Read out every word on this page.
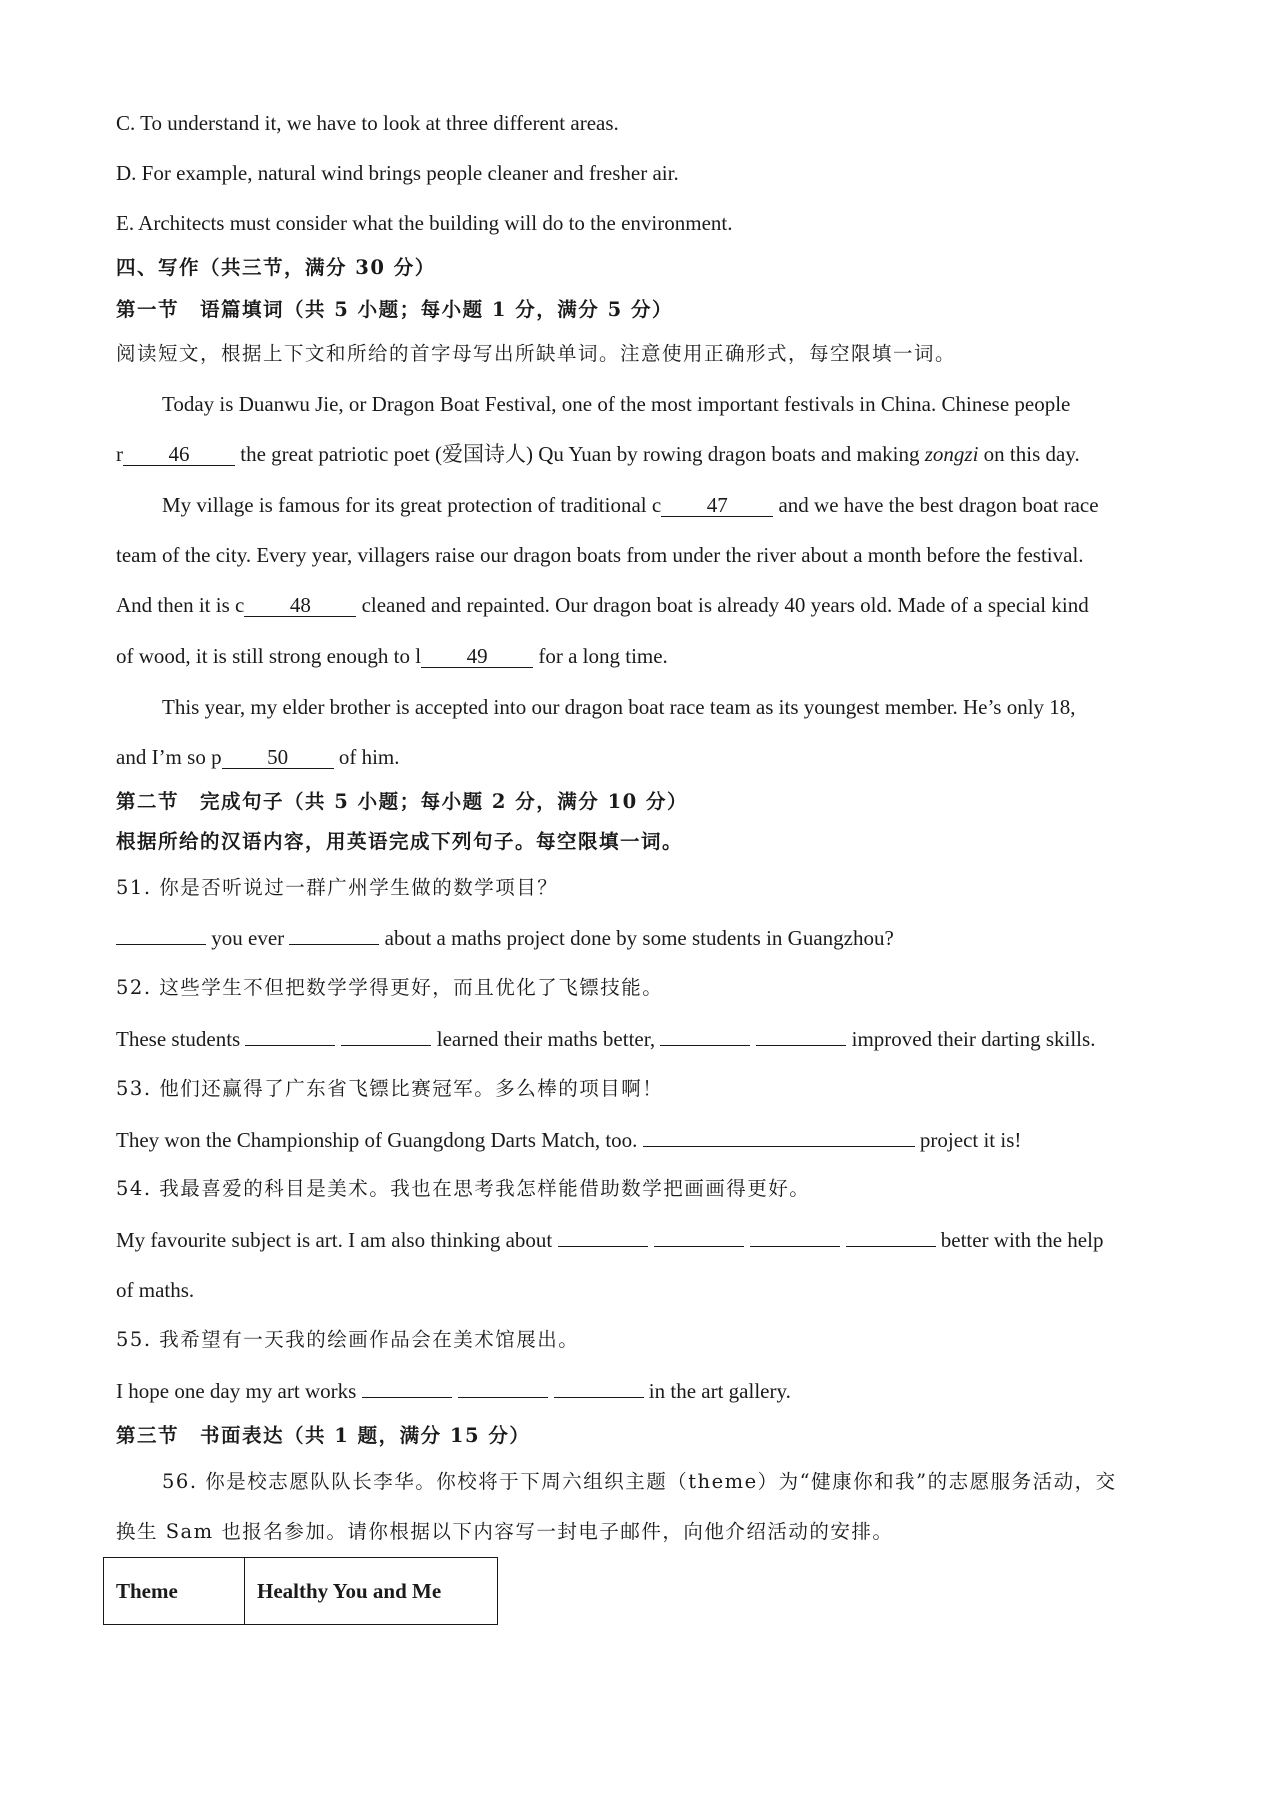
C. To understand it, we have to look at three different areas.
D. For example, natural wind brings people cleaner and fresher air.
E. Architects must consider what the building will do to the environment.
四、写作（共三节，满分 30 分）
第一节　语篇填词（共 5 小题；每小题 1 分，满分 5 分）
阅读短文，根据上下文和所给的首字母写出所缺单词。注意使用正确形式，每空限填一词。
Today is Duanwu Jie, or Dragon Boat Festival, one of the most important festivals in China. Chinese people
r 46 the great patriotic poet (爱国诗人) Qu Yuan by rowing dragon boats and making zongzi on this day.
My village is famous for its great protection of traditional c 47 and we have the best dragon boat race
team of the city. Every year, villagers raise our dragon boats from under the river about a month before the festival.
And then it is c 48 cleaned and repainted. Our dragon boat is already 40 years old. Made of a special kind
of wood, it is still strong enough to l 49 for a long time.
This year, my elder brother is accepted into our dragon boat race team as its youngest member. He’s only 18,
and I’m so p 50 of him.
第二节　完成句子（共 5 小题；每小题 2 分，满分 10 分）
根据所给的汉语内容，用英语完成下列句子。每空限填一词。
51. 你是否听说过一群广州学生做的数学项目？
you ever	about a maths project done by some students in Guangzhou?
52. 这些学生不但把数学学得更好，而且优化了飞镖技能。
These students	learned their maths better,	improved their darting skills.
53. 他们还赢得了广东省飞镖比赛冠军。多么棒的项目啊！
They won the Championship of Guangdong Darts Match, too.	project it is!
54. 我最喜爱的科目是美术。我也在思考我怎样能借助数学把画画得更好。
My favourite subject is art. I am also thinking about	better with the help
of maths.
55. 我希望有一天我的绘画作品会在美术馆展出。
I hope one day my art works	in the art gallery.
第三节　书面表达（共 1 题，满分 15 分）
56. 你是校志愿队队长李华。你校将于下周六组织主题（theme）为“健康你和我”的志愿服务活动，交
换生 Sam 也报名参加。请你根据以下内容写一封电子邮件，向他介绍活动的安排。
Theme	Healthy You and Me
